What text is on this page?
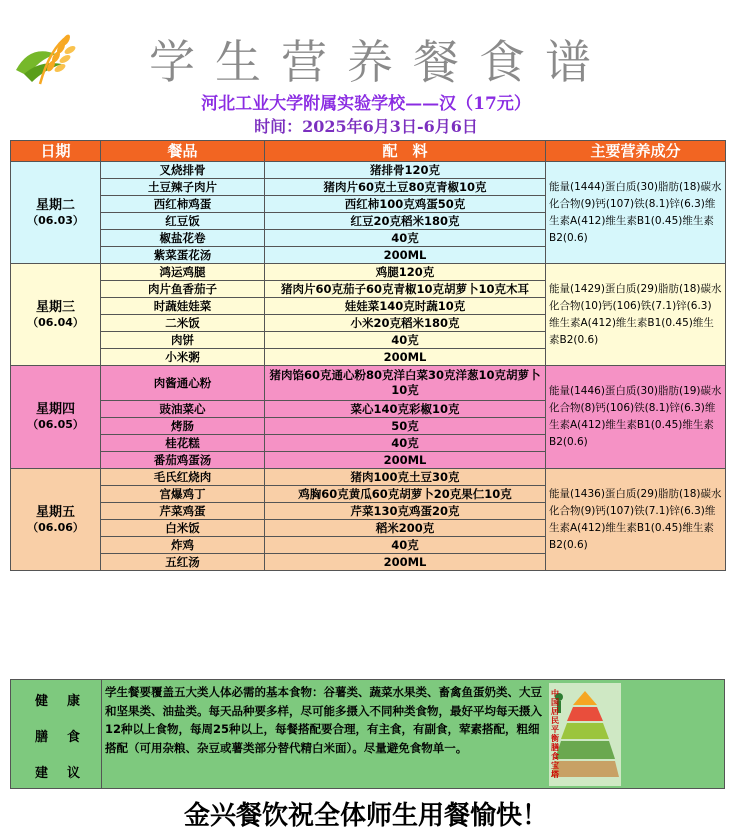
学生营养餐食谱
河北工业大学附属实验学校——汉（17元）
时间：2025年6月3日-6月6日
日期	餐品	配　料	主要营养成分

星期二
（06.03）	叉烧排骨	猪排骨120克	能量(1444)蛋白质(30)脂肪(18)碳水化合物(9)钙(107)铁(8.1)锌(6.3)维生素A(412)维生素B1(0.45)维生素B2(0.6)
	土豆辣子肉片	猪肉片60克土豆80克青椒10克	
	西红柿鸡蛋	西红柿100克鸡蛋50克	
	红豆饭	红豆20克稻米180克	
	椒盐花卷	40克	
	紫菜蛋花汤	200ML	

星期三
（06.04）	鸿运鸡腿	鸡腿120克	能量(1429)蛋白质(29)脂肪(18)碳水化合物(10)钙(106)铁(7.1)锌(6.3)维生素A(412)维生素B1(0.45)维生素B2(0.6)
	肉片鱼香茄子	猪肉片60克茄子60克青椒10克胡萝卜10克木耳	
	时蔬娃娃菜	娃娃菜140克时蔬10克	
	二米饭	小米20克稻米180克	
	肉饼	40克	
	小米粥	200ML	

星期四
（06.05）	肉酱通心粉	猪肉馅60克通心粉80克洋白菜30克洋葱10克胡萝卜10克	能量(1446)蛋白质(30)脂肪(19)碳水化合物(8)钙(106)铁(8.1)锌(6.3)维生素A(412)维生素B1(0.45)维生素B2(0.6)
	豉油菜心	菜心140克彩椒10克	
	烤肠	50克	
	桂花糕	40克	
	番茄鸡蛋汤	200ML	

星期五
（06.06）	毛氏红烧肉	猪肉100克土豆30克	能量(1436)蛋白质(29)脂肪(18)碳水化合物(9)钙(107)铁(7.1)锌(6.3)维生素A(412)维生素B1(0.45)维生素B2(0.6)
	宫爆鸡丁	鸡胸60克黄瓜60克胡萝卜20克果仁10克	
	芹菜鸡蛋	芹菜130克鸡蛋20克	
	白米饭	稻米200克	
	炸鸡	40克	
	五红汤	200ML	
健 康
膳 食
建 议
学生餐要覆盖五大类人体必需的基本食物：谷薯类、蔬菜水果类、畜禽鱼蛋奶类、大豆和坚果类、油盐类。每天品种要多样，尽可能多摄入不同种类食物，最好平均每天摄入12种以上食物，每周25种以上，每餐搭配要合理，有主食，有副食，荤素搭配，粗细搭配（可用杂粮、杂豆或薯类部分替代精白米面）。尽量避免食物单一。
中国居民平衡膳食宝塔
金兴餐饮祝全体师生用餐愉快！
